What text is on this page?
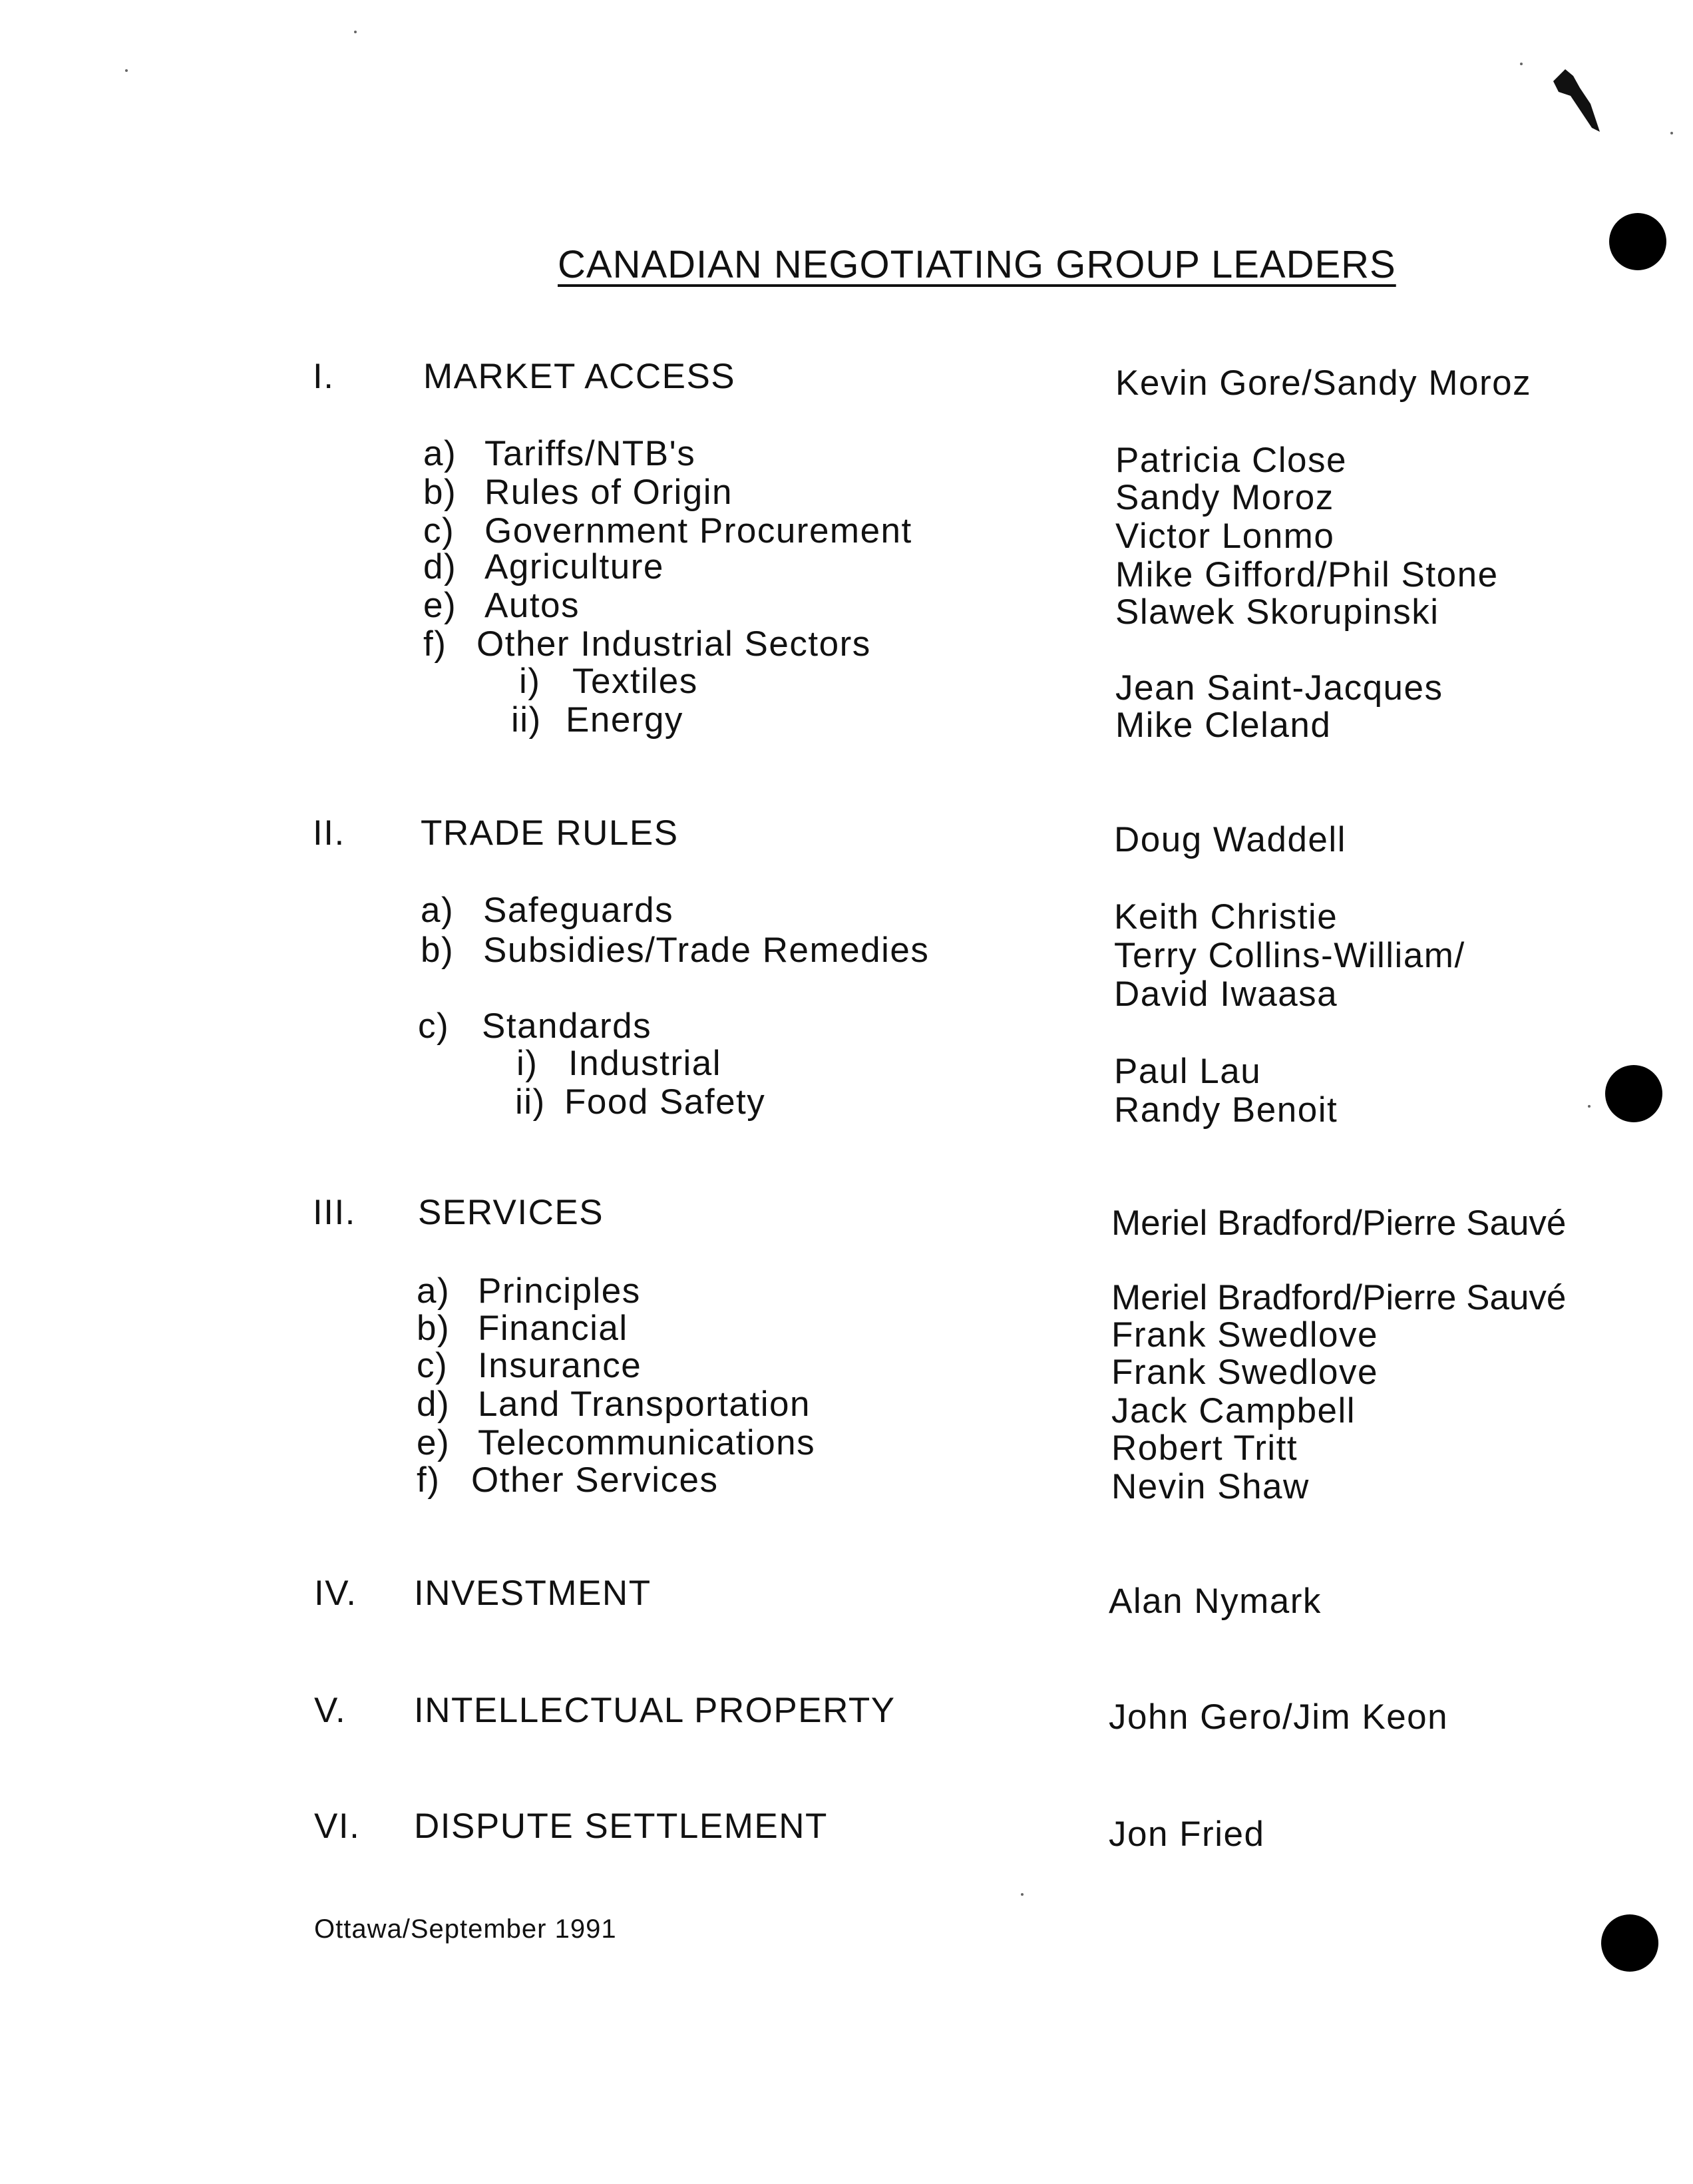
CANADIAN NEGOTIATING GROUP LEADERS
I.	MARKET ACCESS	Kevin Gore/Sandy Moroz
a) Tariffs/NTB's	Patricia Close
b) Rules of Origin	Sandy Moroz
c) Government Procurement	Victor Lonmo
d) Agriculture	Mike Gifford/Phil Stone
e) Autos	Slawek Skorupinski
f) Other Industrial Sectors
i) Textiles	Jean Saint-Jacques
ii) Energy	Mike Cleland
II. TRADE RULES	Doug Waddell
a) Safeguards	Keith Christie
b) Subsidies/Trade Remedies	Terry Collins-William/
David Iwaasa
c) Standards
i) Industrial	Paul Lau
ii) Food Safety	Randy Benoit
III. SERVICES	Meriel Bradford/Pierre Sauvé
a) Principles	Meriel Bradford/Pierre Sauvé
b) Financial	Frank Swedlove
c) Insurance	Frank Swedlove
d) Land Transportation	Jack Campbell
e) Telecommunications	Robert Tritt
f) Other Services	Nevin Shaw
IV. INVESTMENT	Alan Nymark
V. INTELLECTUAL PROPERTY	John Gero/Jim Keon
VI. DISPUTE SETTLEMENT	Jon Fried
Ottawa/September 1991
